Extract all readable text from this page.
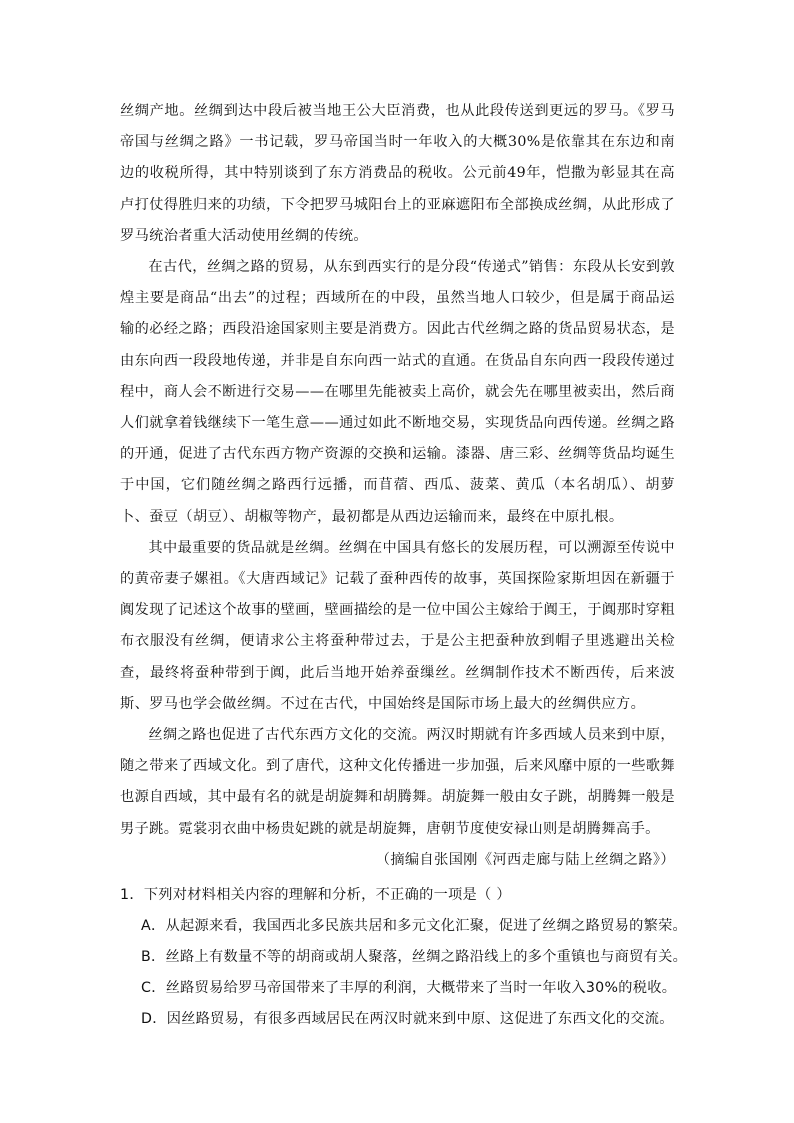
丝绸产地。丝绸到达中段后被当地王公大臣消费，也从此段传送到更远的罗马。《罗马帝国与丝绸之路》一书记载，罗马帝国当时一年收入的大概30%是依靠其在东边和南边的收税所得，其中特别谈到了东方消费品的税收。公元前49年，恺撒为彰显其在高卢打仗得胜归来的功绩，下令把罗马城阳台上的亚麻遮阳布全部换成丝绸，从此形成了罗马统治者重大活动使用丝绸的传统。

在古代，丝绸之路的贸易，从东到西实行的是分段“传递式”销售：东段从长安到敦煌主要是商品“出去”的过程；西域所在的中段，虽然当地人口较少，但是属于商品运输的必经之路；西段沿途国家则主要是消费方。因此古代丝绸之路的货品贸易状态，是由东向西一段段地传递，并非是自东向西一站式的直通。在货品自东向西一段段传递过程中，商人会不断进行交易——在哪里先能被卖上高价，就会先在哪里被卖出，然后商人们就拿着钱继续下一笔生意——通过如此不断地交易，实现货品向西传递。丝绸之路的开通，促进了古代东西方物产资源的交换和运输。漆器、唐三彩、丝绸等货品均诞生于中国，它们随丝绸之路西行远播，而苜蓿、西瓜、菠菜、黄瓜（本名胡瓜）、胡萝卜、蚕豆（胡豆）、胡椒等物产，最初都是从西边运输而来，最终在中原扎根。

其中最重要的货品就是丝绸。丝绸在中国具有悠长的发展历程，可以溯源至传说中的黄帝妻子嫘祖。《大唐西域记》记载了蚕种西传的故事，英国探险家斯坦因在新疆于阗发现了记述这个故事的壁画，壁画描绘的是一位中国公主嫁给于阗王，于阗那时穿粗布衣服没有丝绸，便请求公主将蚕种带过去，于是公主把蚕种放到帽子里逃避出关检查，最终将蚕种带到于阗，此后当地开始养蚕缫丝。丝绸制作技术不断西传，后来波斯、罗马也学会做丝绸。不过在古代，中国始终是国际市场上最大的丝绸供应方。

丝绸之路也促进了古代东西方文化的交流。两汉时期就有许多西域人员来到中原，随之带来了西域文化。到了唐代，这种文化传播进一步加强，后来风靡中原的一些歌舞也源自西域，其中最有名的就是胡旋舞和胡腾舞。胡旋舞一般由女子跳，胡腾舞一般是男子跳。霓裳羽衣曲中杨贵妃跳的就是胡旋舞，唐朝节度使安禄山则是胡腾舞高手。

（摘编自张国刚《河西走廊与陆上丝绸之路》）

1．下列对材料相关内容的理解和分析，不正确的一项是（ ）

A．从起源来看，我国西北多民族共居和多元文化汇聚，促进了丝绸之路贸易的繁荣。

B．丝路上有数量不等的胡商或胡人聚落，丝绸之路沿线上的多个重镇也与商贸有关。

C．丝路贸易给罗马帝国带来了丰厚的利润，大概带来了当时一年收入30%的税收。

D．因丝路贸易，有很多西域居民在两汉时就来到中原、这促进了东西文化的交流。
